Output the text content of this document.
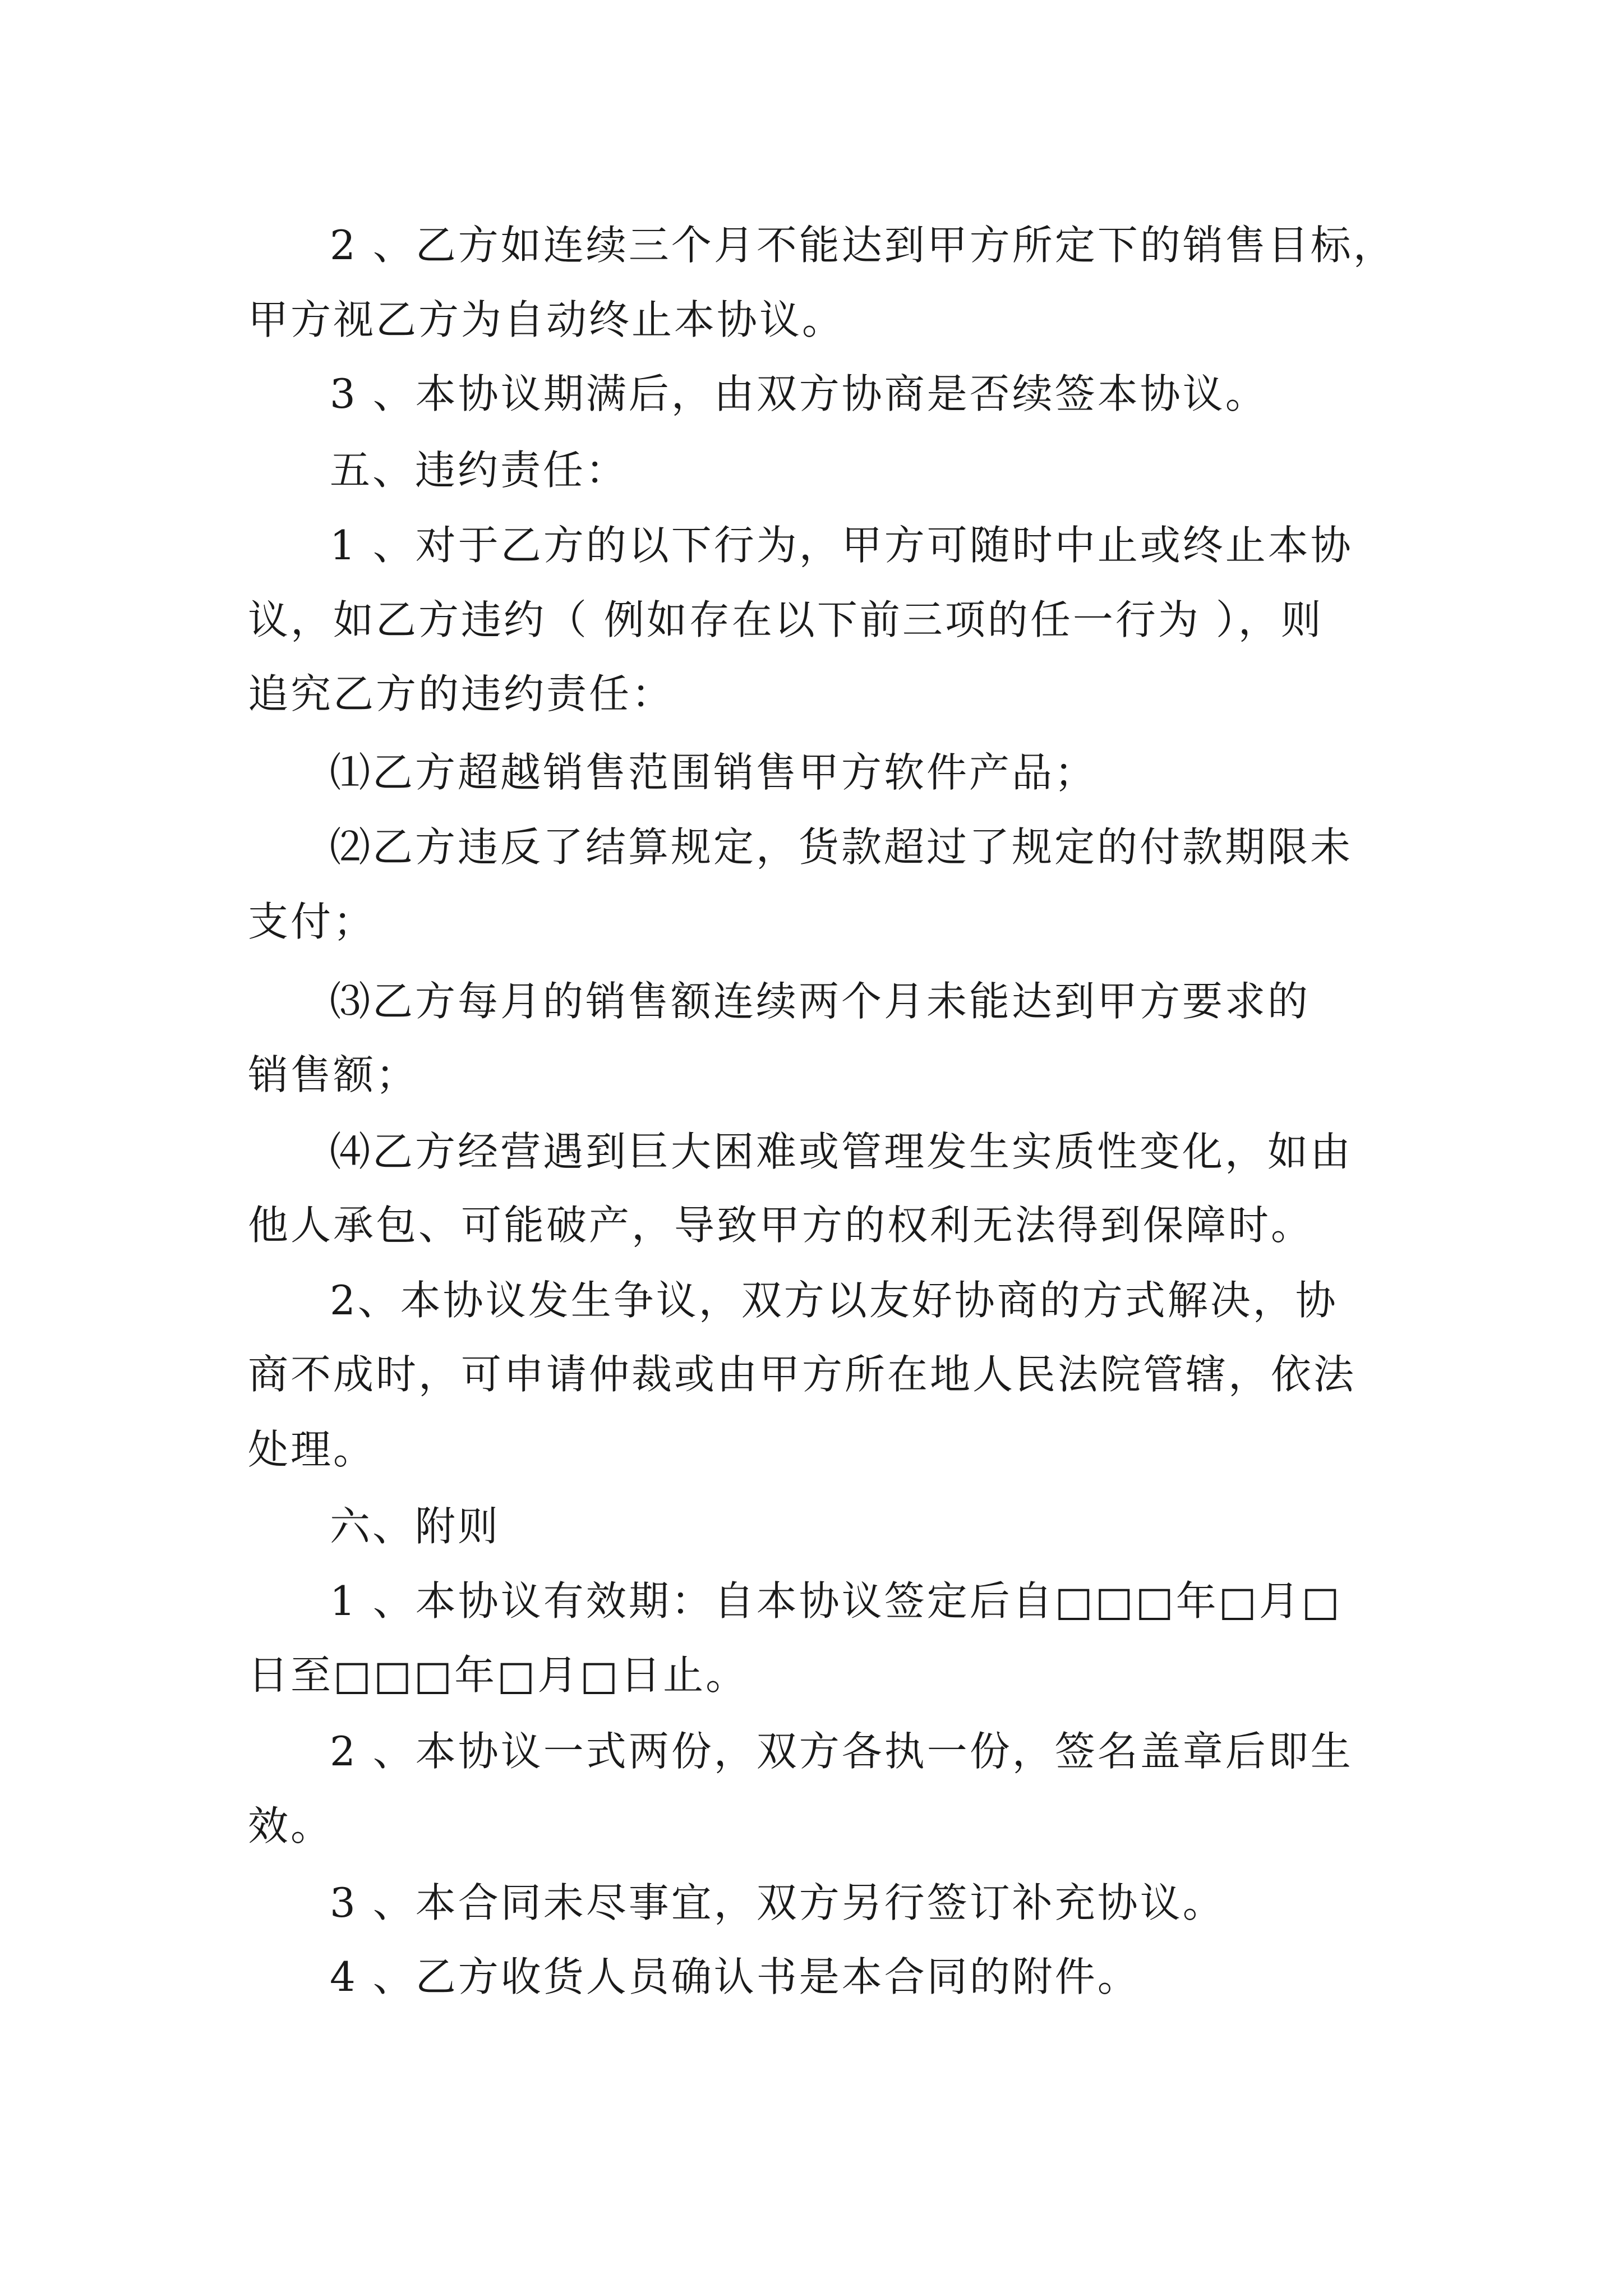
2 、乙方如连续三个月不能达到甲方所定下的销售目标，
甲方视乙方为自动终止本协议。
3 、本协议期满后，由双方协商是否续签本协议。
五、违约责任：
1 、对于乙方的以下行为，甲方可随时中止或终止本协
议，如乙方违约（ 例如存在以下前三项的任一行为 ），则
追究乙方的违约责任：
⑴乙方超越销售范围销售甲方软件产品；
⑵乙方违反了结算规定，货款超过了规定的付款期限未
支付；
⑶乙方每月的销售额连续两个月未能达到甲方要求的
销售额；
⑷乙方经营遇到巨大困难或管理发生实质性变化，如由
他人承包、可能破产，导致甲方的权利无法得到保障时。
2、本协议发生争议，双方以友好协商的方式解决，协
商不成时，可申请仲裁或由甲方所在地人民法院管辖，依法
处理。
六、附则
1 、本协议有效期：自本协议签定后自□□□年□月□
日至□□□年□月□日止。
2 、本协议一式两份，双方各执一份，签名盖章后即生
效。
3 、本合同未尽事宜，双方另行签订补充协议。
4 、乙方收货人员确认书是本合同的附件。
